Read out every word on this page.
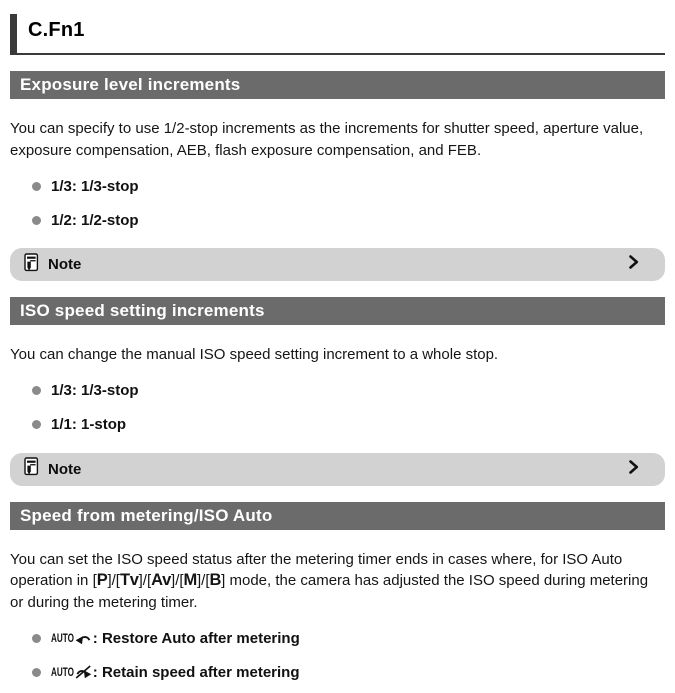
C.Fn1
Exposure level increments

You can specify to use 1/2-stop increments as the increments for shutter speed, aperture value, exposure compensation, AEB, flash exposure compensation, and FEB.

1/3: 1/3-stop
1/2: 1/2-stop
Note
ISO speed setting increments

You can change the manual ISO speed setting increment to a whole stop.

1/3: 1/3-stop
1/1: 1-stop
Note
Speed from metering/ISO Auto

You can set the ISO speed status after the metering timer ends in cases where, for ISO Auto operation in [P]/[Tv]/[Av]/[M]/[B] mode, the camera has adjusted the ISO speed during metering or during the metering timer.

AUTO : Restore Auto after metering
AUTO : Retain speed after metering
